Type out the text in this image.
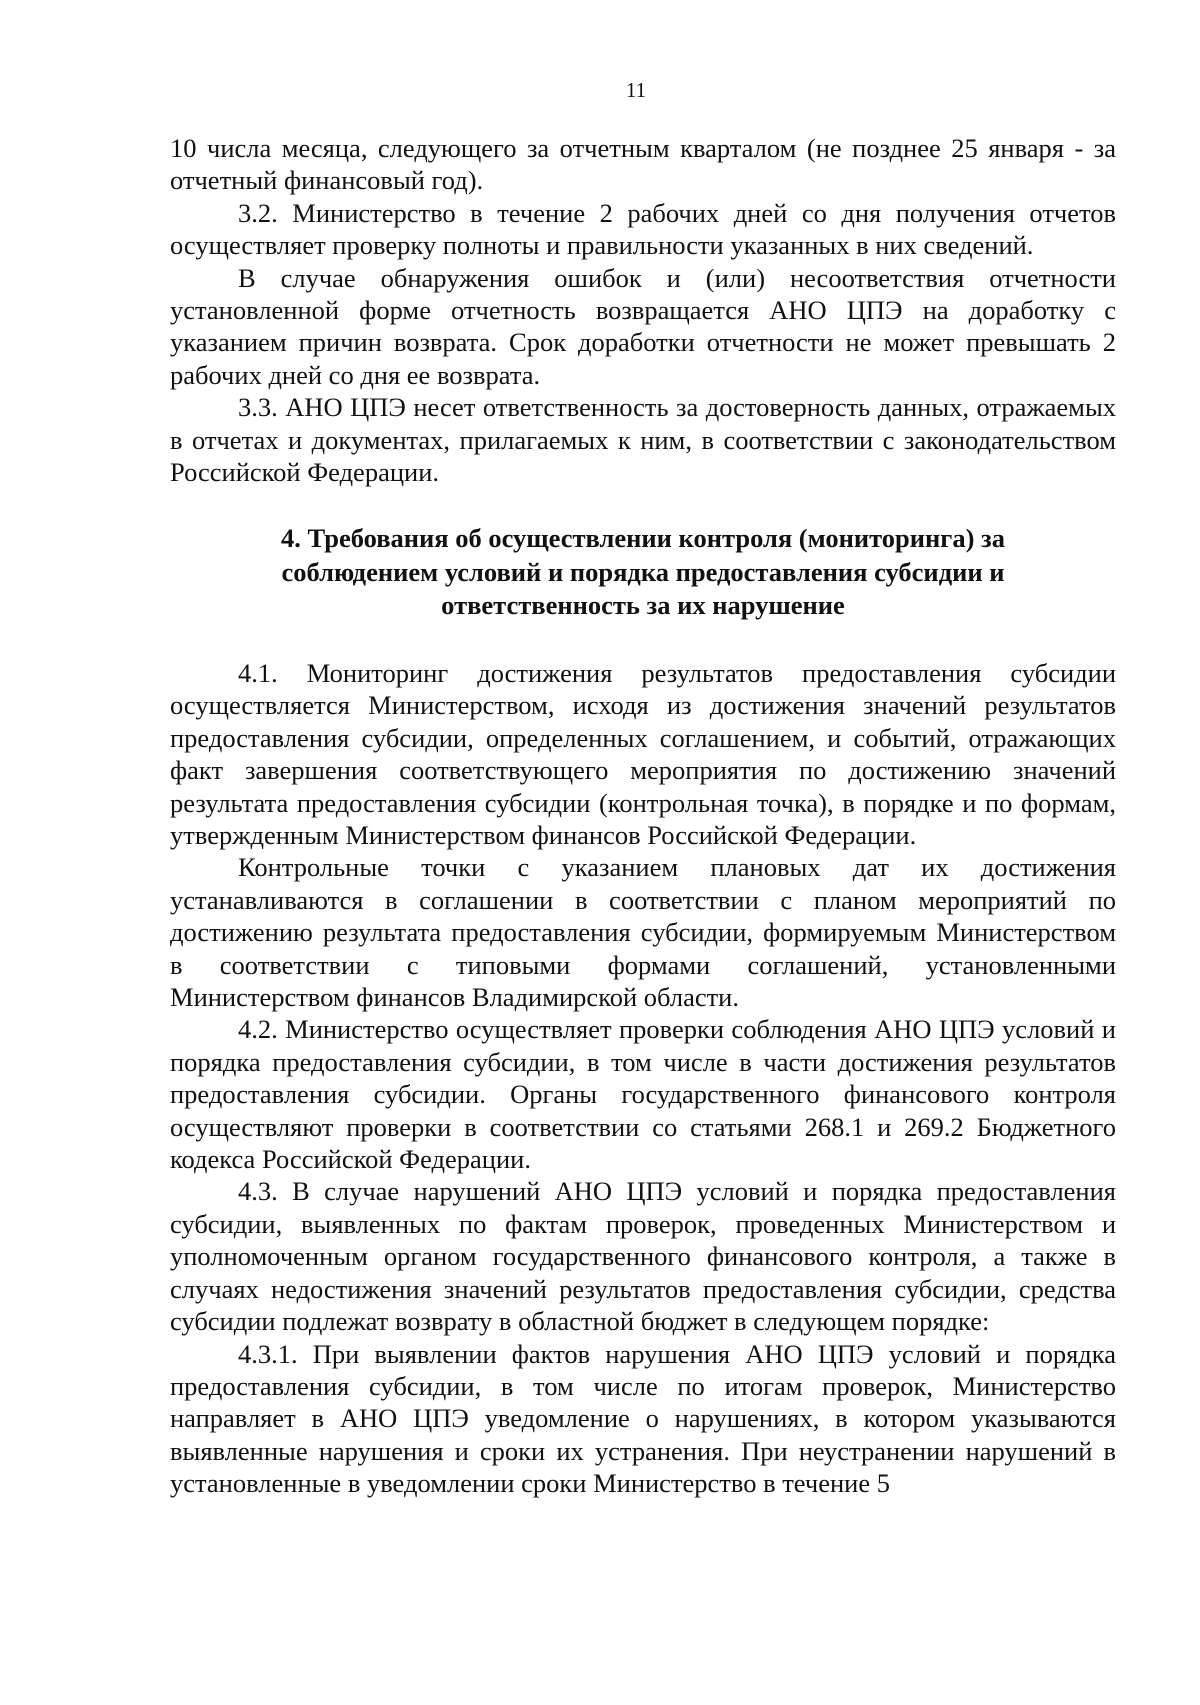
11

10 числа месяца, следующего за отчетным кварталом (не позднее 25 января - за отчетный финансовый год).

3.2. Министерство в течение 2 рабочих дней со дня получения отчетов осуществляет проверку полноты и правильности указанных в них сведений.

В случае обнаружения ошибок и (или) несоответствия отчетности установленной форме отчетность возвращается АНО ЦПЭ на доработку с указанием причин возврата. Срок доработки отчетности не может превышать 2 рабочих дней со дня ее возврата.

3.3. АНО ЦПЭ несет ответственность за достоверность данных, отражаемых в отчетах и документах, прилагаемых к ним, в соответствии с законодательством Российской Федерации.

4. Требования об осуществлении контроля (мониторинга) за
соблюдением условий и порядка предоставления субсидии и
ответственность за их нарушение

4.1. Мониторинг достижения результатов предоставления субсидии осуществляется Министерством, исходя из достижения значений результатов предоставления субсидии, определенных соглашением, и событий, отражающих факт завершения соответствующего мероприятия по достижению значений результата предоставления субсидии (контрольная точка), в порядке и по формам, утвержденным Министерством финансов Российской Федерации.

Контрольные точки с указанием плановых дат их достижения устанавливаются в соглашении в соответствии с планом мероприятий по достижению результата предоставления субсидии, формируемым Министерством в соответствии с типовыми формами соглашений, установленными Министерством финансов Владимирской области.

4.2. Министерство осуществляет проверки соблюдения АНО ЦПЭ условий и порядка предоставления субсидии, в том числе в части достижения результатов предоставления субсидии. Органы государственного финансового контроля осуществляют проверки в соответствии со статьями 268.1 и 269.2 Бюджетного кодекса Российской Федерации.

4.3. В случае нарушений АНО ЦПЭ условий и порядка предоставления субсидии, выявленных по фактам проверок, проведенных Министерством и уполномоченным органом государственного финансового контроля, а также в случаях недостижения значений результатов предоставления субсидии, средства субсидии подлежат возврату в областной бюджет в следующем порядке:

4.3.1. При выявлении фактов нарушения АНО ЦПЭ условий и порядка предоставления субсидии, в том числе по итогам проверок, Министерство направляет в АНО ЦПЭ уведомление о нарушениях, в котором указываются выявленные нарушения и сроки их устранения. При неустранении нарушений в установленные в уведомлении сроки Министерство в течение 5
